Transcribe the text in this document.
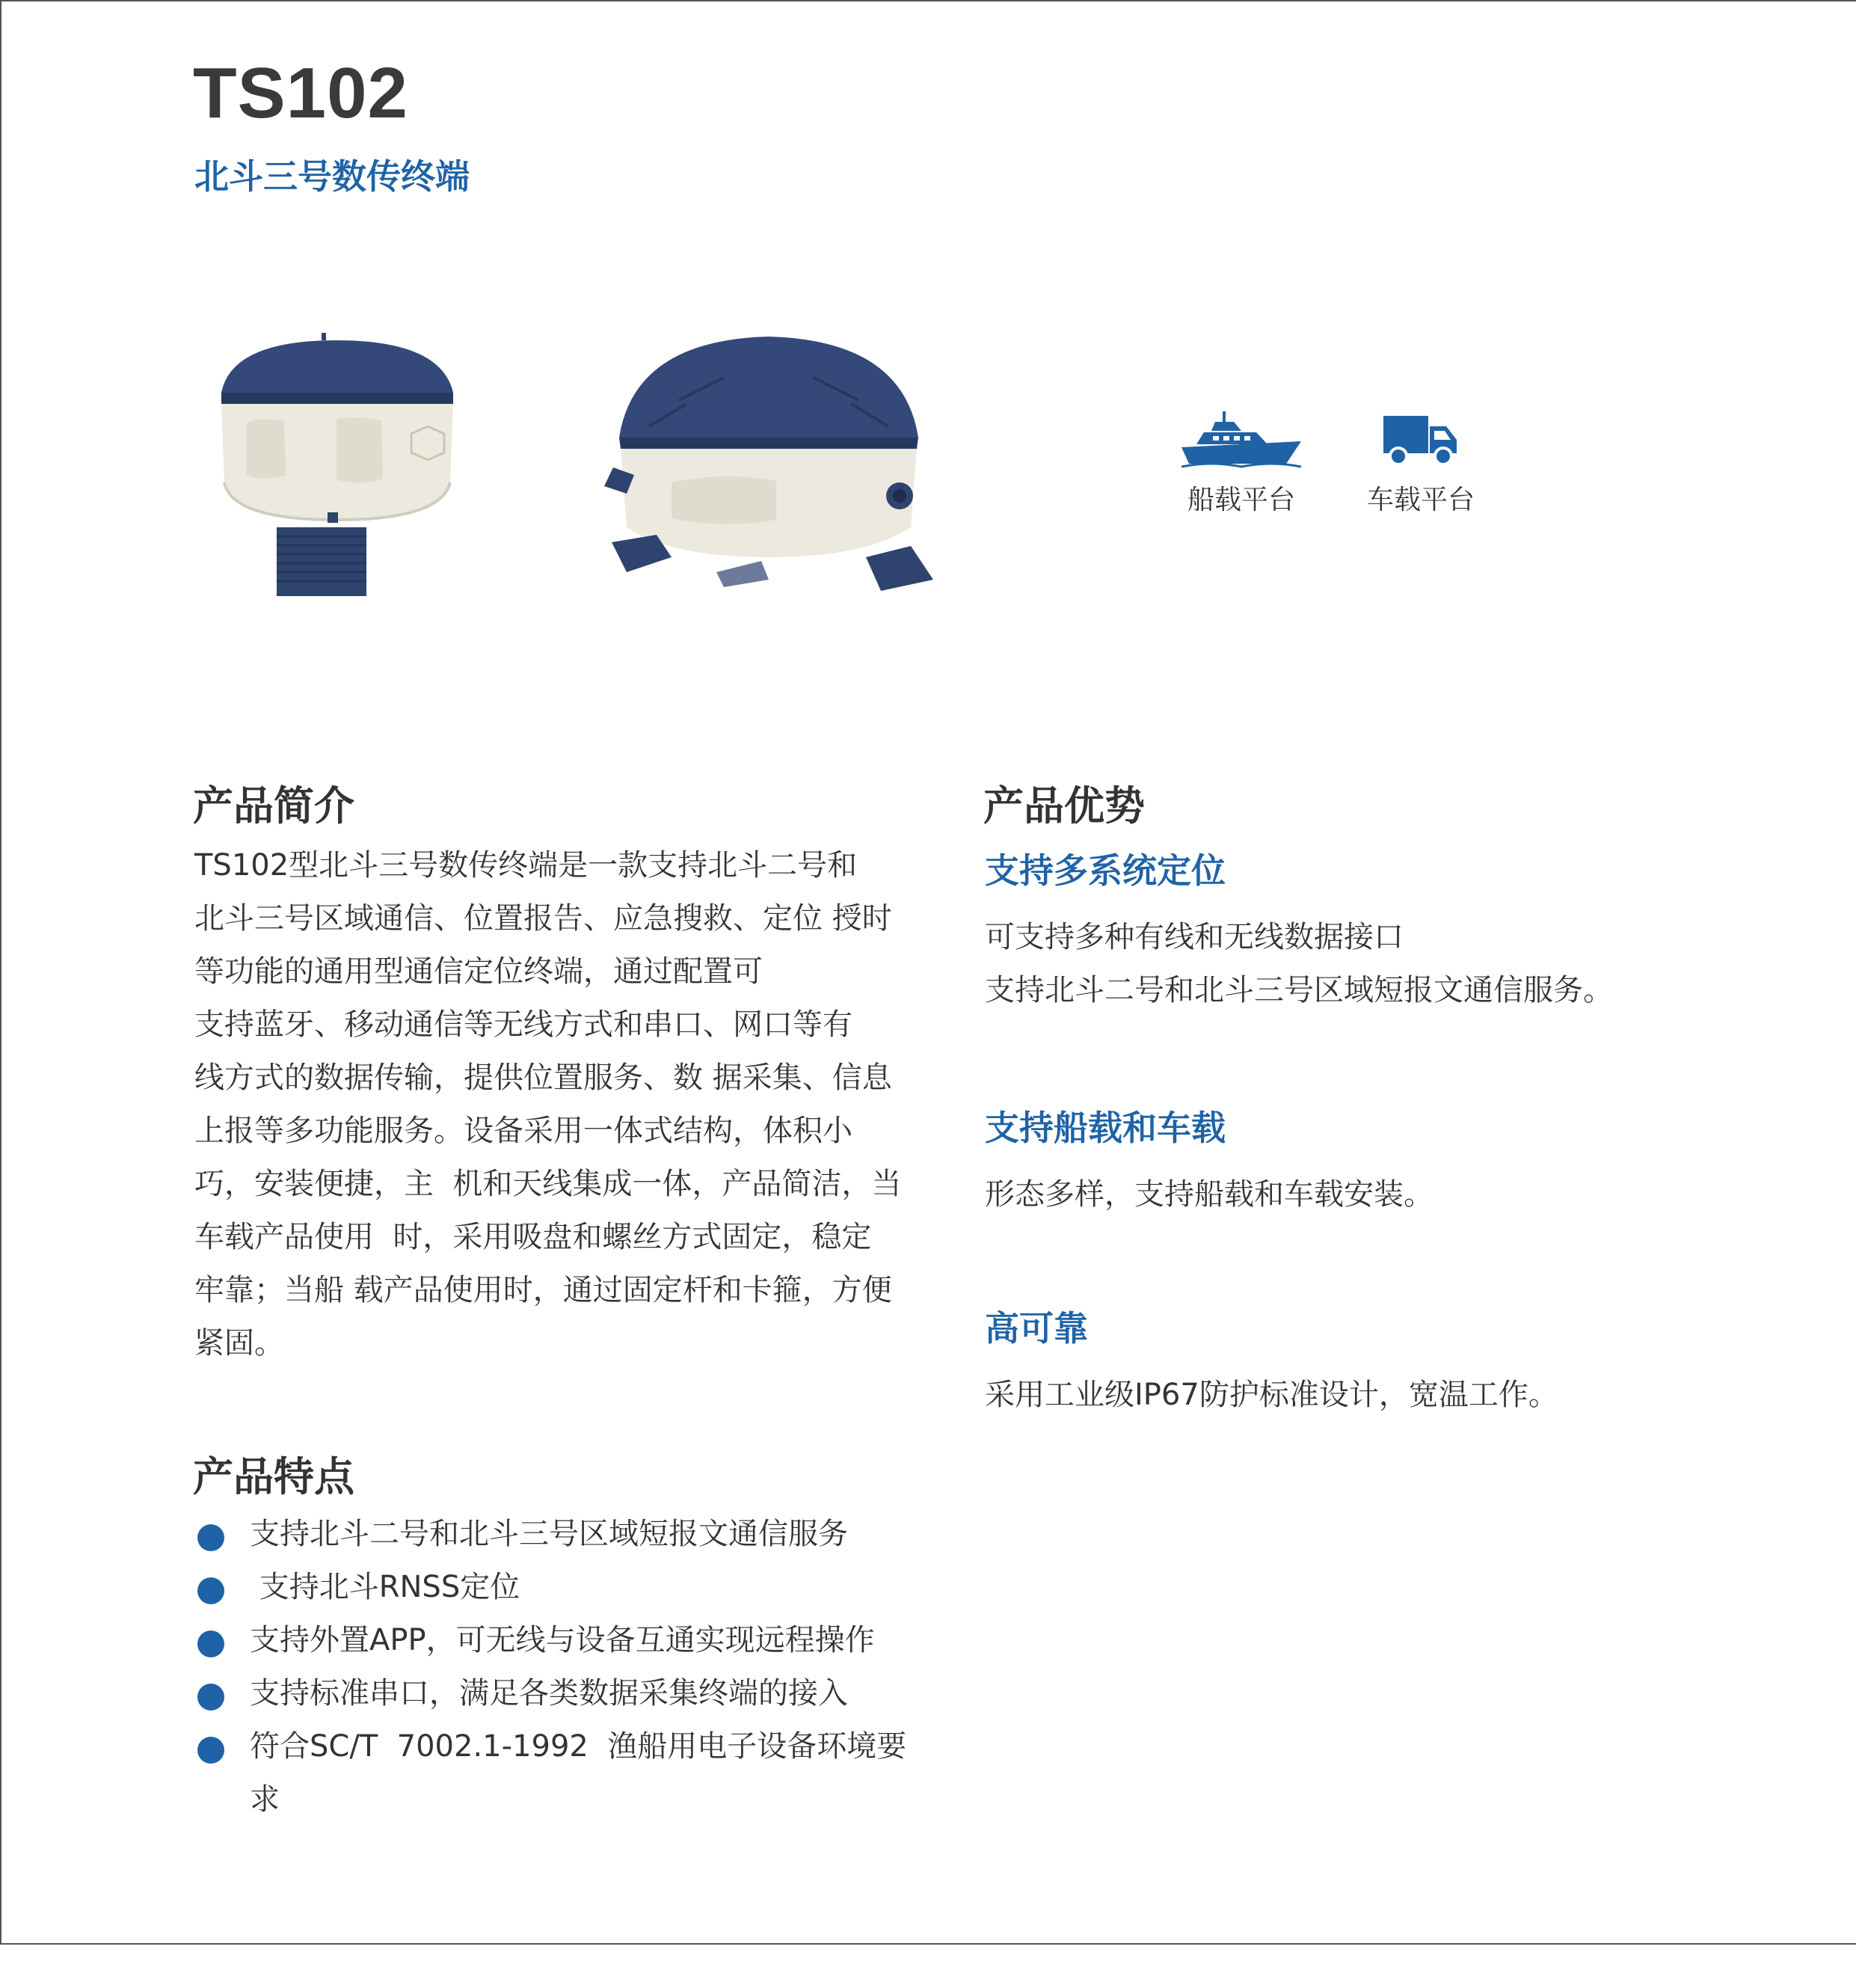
TS102
北斗三号数传终端
船载平台	车载平台
产品简介
TS102型北斗三号数传终端是一款支持北斗二号和
北斗三号区域通信、位置报告、应急搜救、定位 授时
等功能的通用型通信定位终端，通过配置可
支持蓝牙、移动通信等无线方式和串口、网口等有
线方式的数据传输，提供位置服务、数 据采集、信息
上报等多功能服务。设备采用一体式结构，体积小
巧，安装便捷，主  机和天线集成一体，产品简洁，当
车载产品使用  时，采用吸盘和螺丝方式固定，稳定
牢靠；当船 载产品使用时，通过固定杆和卡箍，方便
紧固。
产品特点
支持北斗二号和北斗三号区域短报文通信服务
支持北斗RNSS定位
支持外置APP，可无线与设备互通实现远程操作
支持标准串口，满足各类数据采集终端的接入
符合SC/T  7002.1-1992  渔船用电子设备环境要
求
产品优势
支持多系统定位
可支持多种有线和无线数据接口
支持北斗二号和北斗三号区域短报文通信服务。
支持船载和车载
形态多样，支持船载和车载安装。
高可靠
采用工业级IP67防护标准设计，宽温工作。
